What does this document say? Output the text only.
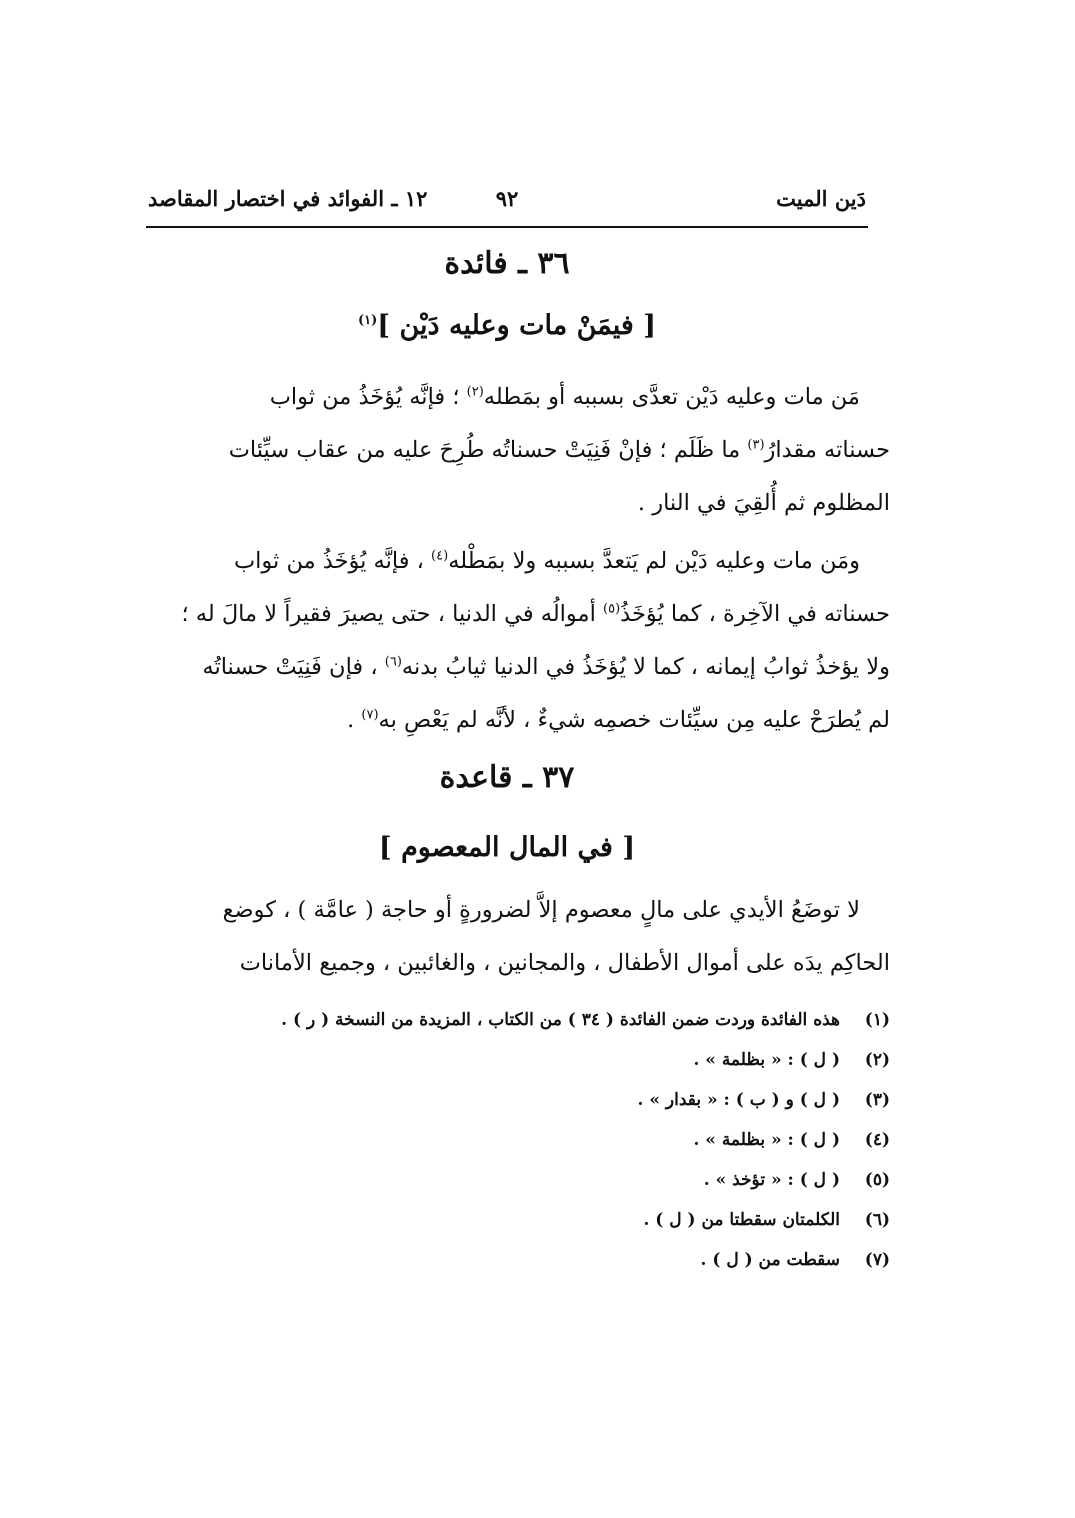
دَين الميت
٩٢
١٢ ـ الفوائد في اختصار المقاصد
٣٦ ـ فائدة
[ فيمَنْ مات وعليه دَيْن ]$^{(١)}$
مَن مات وعليه دَيْن تعدَّى بسببه أو بمَطله$^{(٢)}$ ؛ فإنَّه يُؤخَذُ من ثواب
حسناته مقدارُ$^{(٣)}$ ما ظَلَم ؛ فإنْ فَنِيَتْ حسناتُه طُرِحَ عليه من عقاب سيِّئات
المظلوم ثم أُلقِيَ في النار .
ومَن مات وعليه دَيْن لم يَتعدَّ بسببه ولا بمَطْله$^{(٤)}$ ، فإنَّه يُؤخَذُ من ثواب
حسناته في الآخِرة ، كما يُؤخَذُ$^{(٥)}$ أموالُه في الدنيا ، حتى يصيرَ فقيراً لا مالَ له ؛
ولا يؤخذُ ثوابُ إيمانه ، كما لا يُؤخَذُ في الدنيا ثيابُ بدنه$^{(٦)}$ ، فإن فَنِيَتْ حسناتُه
لم يُطرَحْ عليه مِن سيِّئات خصمِه شيءٌ ، لأنَّه لم يَعْصِ به$^{(٧)}$ .
٣٧ ـ قاعدة
[ في المال المعصوم ]
لا توضَعُ الأيدي على مالٍ معصوم إلاَّ لضرورةٍ أو حاجة ( عامَّة ) ، كوضع
الحاكِم يدَه على أموال الأطفال ، والمجانين ، والغائبين ، وجميع الأمانات
(١)
هذه الفائدة وردت ضمن الفائدة ( ٣٤ ) من الكتاب ، المزيدة من النسخة ( ر ) .
(٢)
( ل ) : « بظلمة » .
(٣)
( ل ) و ( ب ) : « بقدار » .
(٤)
( ل ) : « بظلمة » .
(٥)
( ل ) : « تؤخذ » .
(٦)
الكلمتان سقطتا من ( ل ) .
(٧)
سقطت من ( ل ) .
